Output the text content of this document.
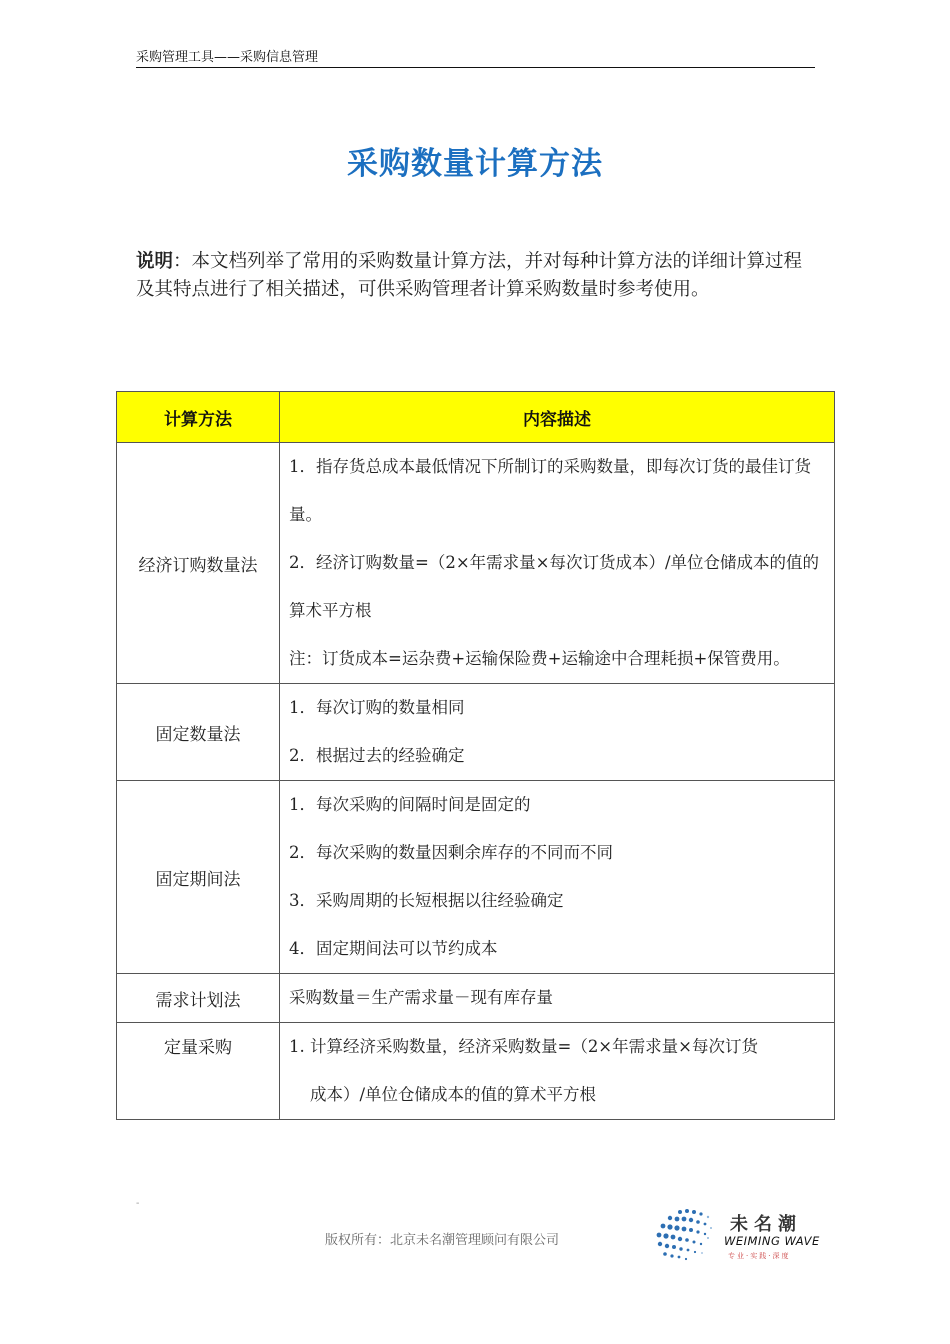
采购管理工具——采购信息管理
采购数量计算方法
说明：本文档列举了常用的采购数量计算方法，并对每种计算方法的详细计算过程及其特点进行了相关描述，可供采购管理者计算采购数量时参考使用。
计算方法	内容描述
经济订购数量法	1．指存货总成本最低情况下所制订的采购数量，即每次订货的最佳订货量。

2．经济订购数量=（2×年需求量×每次订货成本）/单位仓储成本的值的算术平方根

注：订货成本=运杂费+运输保险费+运输途中合理耗损+保管费用。

固定数量法	1．每次订购的数量相同

2．根据过去的经验确定

固定期间法	1．每次采购的间隔时间是固定的

2．每次采购的数量因剩余库存的不同而不同

3．采购周期的长短根据以往经验确定

4．固定期间法可以节约成本

需求计划法	采购数量＝生产需求量－现有库存量

定量采购	1. 计算经济采购数量，经济采购数量=（2×年需求量×每次订货

成本）/单位仓储成本的值的算术平方根

-
版权所有：北京未名潮管理顾问有限公司
未名潮
WEIMING WAVE
专业·实践·深度
